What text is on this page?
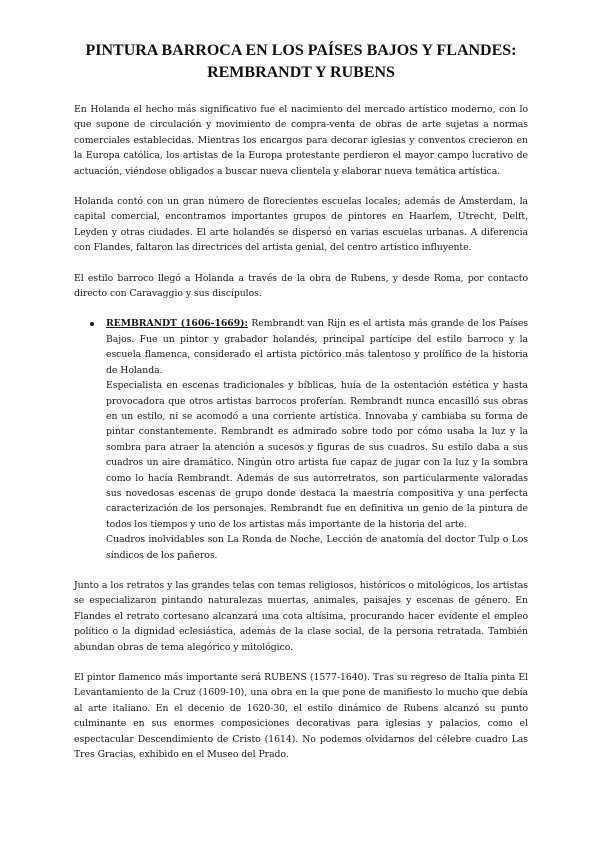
PINTURA BARROCA EN LOS PAÍSES BAJOS Y FLANDES:
REMBRANDT Y RUBENS

En Holanda el hecho más significativo fue el nacimiento del mercado artístico moderno, con lo que supone de circulación y movimiento de compra-venta de obras de arte sujetas a normas comerciales establecidas. Mientras los encargos para decorar iglesias y conventos crecieron en la Europa católica, los artistas de la Europa protestante perdieron el mayor campo lucrativo de actuación, viéndose obligados a buscar nueva clientela y elaborar nueva temática artística.

Holanda contó con un gran número de florecientes escuelas locales; además de Ámsterdam, la capital comercial, encontramos importantes grupos de pintores en Haarlem, Utrecht, Delft, Leyden y otras ciudades. El arte holandés se dispersó en varias escuelas urbanas. A diferencia con Flandes, faltaron las directrices del artista genial, del centro artístico influyente.

El estilo barroco llegó a Holanda a través de la obra de Rubens, y desde Roma, por contacto directo con Caravaggio y sus discípulos.

REMBRANDT (1606-1669): Rembrandt van Rijn es el artista más grande de los Países Bajos. Fue un pintor y grabador holandés, principal partícipe del estilo barroco y la escuela flamenca, considerado el artista pictórico más talentoso y prolífico de la historia de Holanda.

Especialista en escenas tradicionales y bíblicas, huía de la ostentación estética y hasta provocadora que otros artistas barrocos proferían. Rembrandt nunca encasilló sus obras en un estilo, ni se acomodó a una corriente artística. Innovaba y cambiaba su forma de pintar constantemente. Rembrandt es admirado sobre todo por cómo usaba la luz y la sombra para atraer la atención a sucesos y figuras de sus cuadros. Su estilo daba a sus cuadros un aire dramático. Ningún otro artista fue capaz de jugar con la luz y la sombra como lo hacía Rembrandt. Además de sus autorretratos, son particularmente valoradas sus novedosas escenas de grupo donde destaca la maestría compositiva y una perfecta caracterización de los personajes. Rembrandt fue en definitiva un genio de la pintura de todos los tiempos y uno de los artistas más importante de la historia del arte.

Cuadros inolvidables son La Ronda de Noche, Lección de anatomía del doctor Tulp o Los síndicos de los pañeros.

Junto a los retratos y las grandes telas con temas religiosos, históricos o mitológicos, los artistas se especializaron pintando naturalezas muertas, animales, paisajes y escenas de género. En Flandes el retrato cortesano alcanzará una cota altísima, procurando hacer evidente el empleo político o la dignidad eclesiástica, además de la clase social, de la persona retratada. También abundan obras de tema alegórico y mitológico.

El pintor flamenco más importante será RUBENS (1577-1640). Tras su regreso de Italia pinta El Levantamiento de la Cruz (1609-10), una obra en la que pone de manifiesto lo mucho que debía al arte italiano. En el decenio de 1620-30, el estilo dinámico de Rubens alcanzó su punto culminante en sus enormes composiciones decorativas para iglesias y palacios, como el espectacular Descendimiento de Cristo (1614). No podemos olvidarnos del célebre cuadro Las Tres Gracias, exhibido en el Museo del Prado.
